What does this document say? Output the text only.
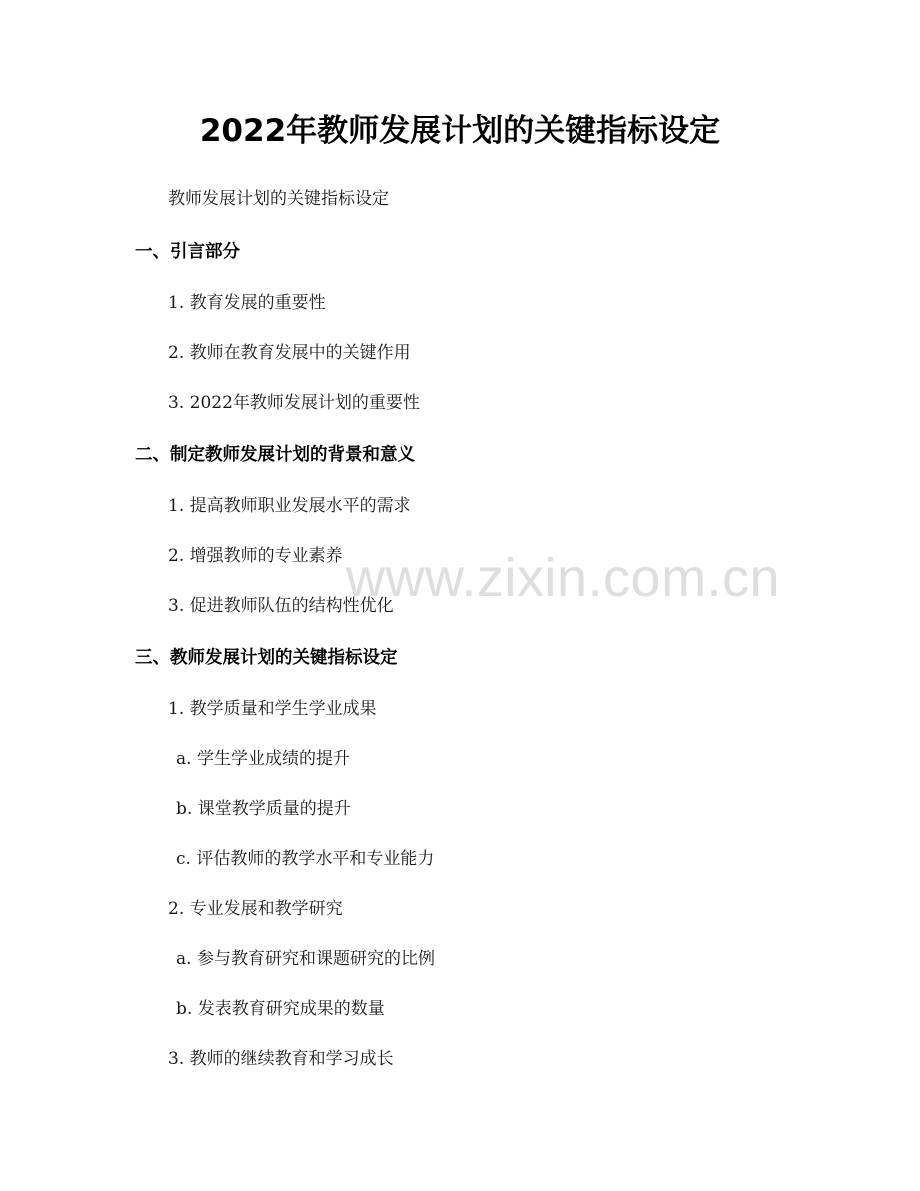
www.zixin.com.cn
2022年教师发展计划的关键指标设定

教师发展计划的关键指标设定

一、引言部分

1. 教育发展的重要性

2. 教师在教育发展中的关键作用

3. 2022年教师发展计划的重要性

二、制定教师发展计划的背景和意义

1. 提高教师职业发展水平的需求

2. 增强教师的专业素养

3. 促进教师队伍的结构性优化

三、教师发展计划的关键指标设定

1. 教学质量和学生学业成果

a. 学生学业成绩的提升

b. 课堂教学质量的提升

c. 评估教师的教学水平和专业能力

2. 专业发展和教学研究

a. 参与教育研究和课题研究的比例

b. 发表教育研究成果的数量

3. 教师的继续教育和学习成长
